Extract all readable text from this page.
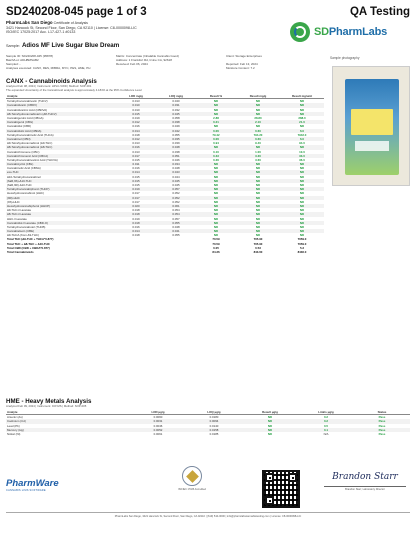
SD240208-045 page 1 of 3	QA Testing
PharmLabs San Diego Certificate of Analysis
3421 Hancock St, Second Floor, San Diego, CA 92110 | License: C8-0000098-LIC
ISO/IEC 17025:2017 Acc. L17-427-1 #0133	SDPharmLabs
Sample: Adios MF Live Sugar Blue Dream
Sample ID: SD240208-045 (95878)	Matrix: Concentrate (Inhalable Cannabis Good)	Client: Storage Enterprises
Batch/Lot: ADHBMSAB2	Address: 1 Frankfort Rd, Irvine CA, 92618
Sampled: -	Received: Feb 06, 2024	Reported: Feb 13, 2024
Analyses executed: CANX, RES, MIBRA, MYC, PES, HME, PH	Moisture Content: 7.2
Sample photography
CANX - Cannabinoids Analysis
Analyzed Feb 08, 2024 | Instrument: HPLC-VWD | Method: SOP-001
The expanded Uncertainty of the Cannabinoid analysis is approximately 4.184% at the 95% Confidence Level
Analyte	LOD mg/g	LOQ mg/g	Result %	Result mg/g	Result mg/unit
Tetrahydrocannabivarin (THCV)	0.013	0.040	ND	ND	ND
Cannabidivarin (CBDV)	0.010	0.031	ND	ND	ND
Cannabidivarinic Acid (CBDVA)	0.010	0.032	ND	ND	ND
Δ8-Tetrahydrocannabivarin (Δ8-THCV)	0.015	0.045	ND	ND	ND
Cannabigerolic Acid (CBGA)	0.019	0.058	2.88	28.80	288.0
Cannabigerol (CBG)	0.012	0.038	0.21	2.10	21.0
Cannabidiol (CBD)	0.016	0.049	ND	ND	ND
Cannabidiolic Acid (CBDA)	0.014	0.042	0.06	0.60	6.0
Tetrahydrocannabinolic Acid (THCA)	0.018	0.055	79.42	794.20	7942.0
Cannabinol (CBN)	0.012	0.035	0.06	0.60	6.0
Δ9-Tetrahydrocannabinol (Δ9-THC)	0.013	0.039	0.94	9.40	94.0
Δ8-Tetrahydrocannabinol (Δ8-THC)	0.016	0.048	ND	ND	ND
Cannabichromene (CBC)	0.013	0.038	0.10	1.00	10.0
Cannabichromenic Acid (CBCA)	0.017	0.051	0.33	3.30	33.0
Tetrahydrocannabivarinic Acid (THCVA)	0.015	0.046	0.36	3.60	36.0
Cannabicyclol (CBL)	0.011	0.034	ND	ND	ND
Cannabinolic Acid (CBNA)	0.016	0.048	ND	ND	ND
exo-THC	0.014	0.043	ND	ND	ND
Δ10-Tetrahydrocannabinol	0.015	0.044	ND	ND	ND
(6aR,9S)-Δ10-THC	0.015	0.045	ND	ND	ND
(6aR,9R)-Δ10-THC	0.015	0.045	ND	ND	ND
Tetrahydrocannabiphorol (THCP)	0.019	0.057	ND	ND	ND
Hexahydrocannabinol (HHC)	0.017	0.052	ND	ND	ND
(9R)-HHC	0.017	0.052	ND	ND	ND
(9S)-HHC	0.017	0.052	ND	ND	ND
Hexahydrocannabiphorol (HHCP)	0.020	0.061	ND	ND	ND
Δ9-THC-O-acetate	0.018	0.054	ND	ND	ND
Δ8-THC-O-acetate	0.018	0.054	ND	ND	ND
HHC-O-acetate	0.019	0.057	ND	ND	ND
Cannabidiol-O-acetate (CBD-O)	0.018	0.055	ND	ND	ND
Tetrahydrocannabutol (THCB)	0.016	0.048	ND	ND	ND
Cannabielsoin (CBE)	0.014	0.041	ND	ND	ND
Δ9-THCA (from Δ9-THC)	0.018	0.055	ND	ND	ND
Total THC (Δ9-THC + THCA*0.877)			70.59	705.90	7059.0
Total THC + Δ8-THC + Δ10-THC			70.59	705.90	7059.0
Total CBD (CBD + CBDA*0.877)			0.05	0.53	5.3
Total Cannabinoids			84.36	843.60	8436.0
HME - Heavy Metals Analysis
Analyzed Feb 09, 2024 | Instrument: ICP-MS | Method: SOP-005
Analyte	LOD μg/g	LOQ μg/g	Result μg/g	Limits μg/g	Status
Arsenic (As)	0.0060	0.0180	ND	0.2	Pass
Cadmium (Cd)	0.0031	0.0094	ND	0.2	Pass
Lead (Pb)	0.0046	0.0140	ND	0.5	Pass
Mercury (Hg)	0.0052	0.0158	ND	0.1	Pass
Nickel (Ni)	0.0061	0.0185	ND	N/A	Pass
PharmWare
CANNABIS LIMS SOFTWARE	ISO/IEC 17025 Accredited
Brandon Starr
Brandon Starr, Laboratory Director
PharmLabs San Diego, 3421 Hancock St, Second Floor, San Diego, CA 92110 | (619) 510-0000 | info@pharmlabscannabistesting.com | License: C8-0000098-LIC
